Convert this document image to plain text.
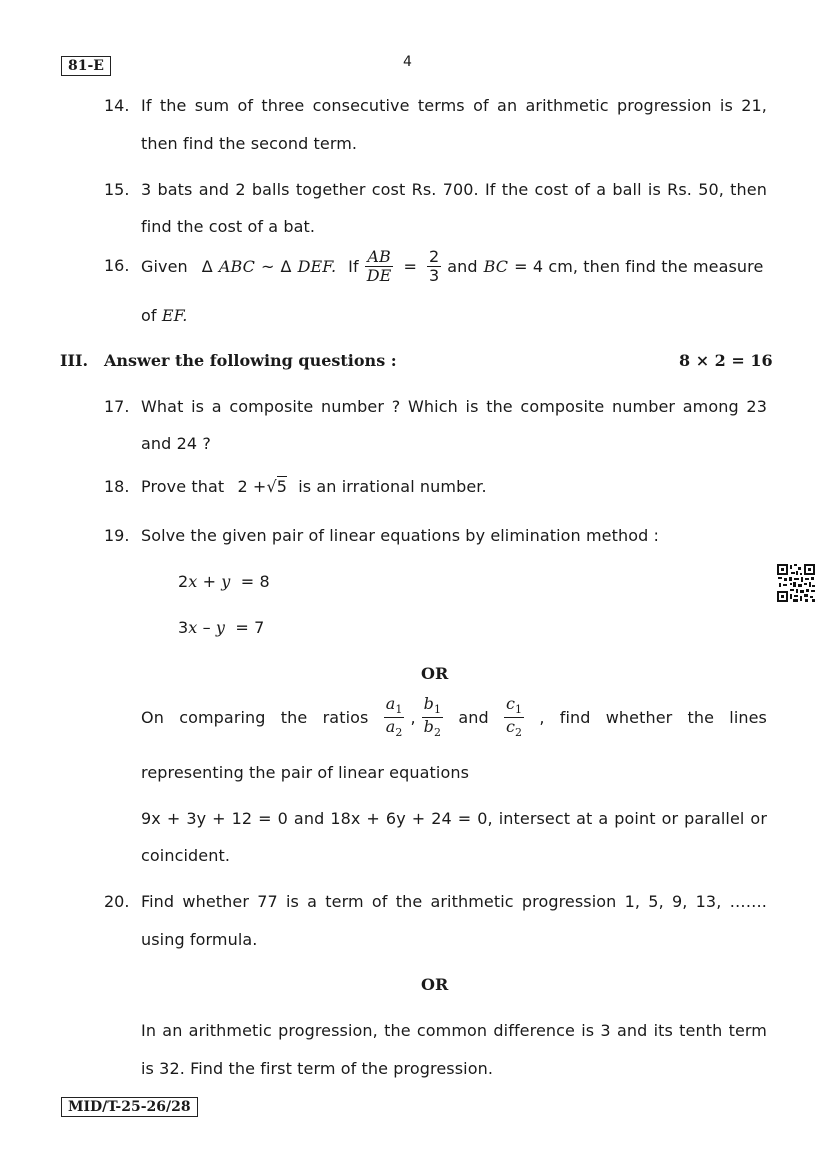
81-E	4
14. If the sum of three consecutive terms of an arithmetic progression is 21,
then find the second term.
15. 3 bats and 2 balls together cost Rs. 700. If the cost of a ball is Rs. 50, then
find the cost of a bat.
16. Given Δ ABC ~ Δ DEF. If $\frac{AB}{DE} = \frac{2}{3}$ and BC = 4 cm, then find the measure
of EF.
III. Answer the following questions :	8 × 2 = 16
17. What is a composite number ? Which is the composite number among 23
and 24 ?
18. Prove that 2 +√5 is an irrational number.
19. Solve the given pair of linear equations by elimination method :
2x + y  = 8
3x – y  = 7
OR
On comparing the ratios $\frac{a_1}{a_2}$ , $\frac{b_1}{b_2}$ and $\frac{c_1}{c_2}$ , find whether the lines
representing the pair of linear equations
9x + 3y + 12 = 0 and 18x + 6y + 24 = 0, intersect at a point or parallel or
coincident.
20. Find whether 77 is a term of the arithmetic progression 1, 5, 9, 13, …….
using formula.
OR
In an arithmetic progression, the common difference is 3 and its tenth term
is 32. Find the first term of the progression.
MID/T-25-26/28
